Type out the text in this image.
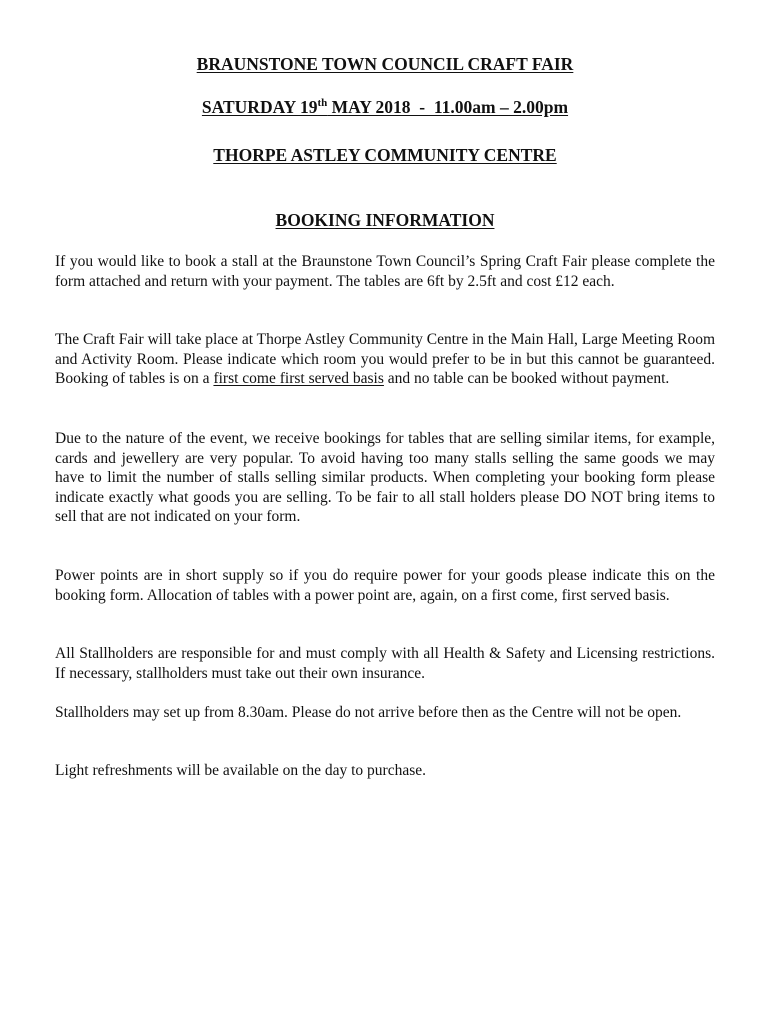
BRAUNSTONE TOWN COUNCIL CRAFT FAIR
SATURDAY 19th MAY 2018  -  11.00am – 2.00pm
THORPE ASTLEY COMMUNITY CENTRE
BOOKING INFORMATION
If you would like to book a stall at the Braunstone Town Council’s Spring Craft Fair please complete the form attached and return with your payment. The tables are 6ft by 2.5ft and cost £12 each.
The Craft Fair will take place at Thorpe Astley Community Centre in the Main Hall, Large Meeting Room and Activity Room. Please indicate which room you would prefer to be in but this cannot be guaranteed. Booking of tables is on a first come first served basis and no table can be booked without payment.
Due to the nature of the event, we receive bookings for tables that are selling similar items, for example, cards and jewellery are very popular. To avoid having too many stalls selling the same goods we may have to limit the number of stalls selling similar products. When completing your booking form please indicate exactly what goods you are selling. To be fair to all stall holders please DO NOT bring items to sell that are not indicated on your form.
Power points are in short supply so if you do require power for your goods please indicate this on the booking form. Allocation of tables with a power point are, again, on a first come, first served basis.
All Stallholders are responsible for and must comply with all Health & Safety and Licensing restrictions. If necessary, stallholders must take out their own insurance.
Stallholders may set up from 8.30am. Please do not arrive before then as the Centre will not be open.
Light refreshments will be available on the day to purchase.
